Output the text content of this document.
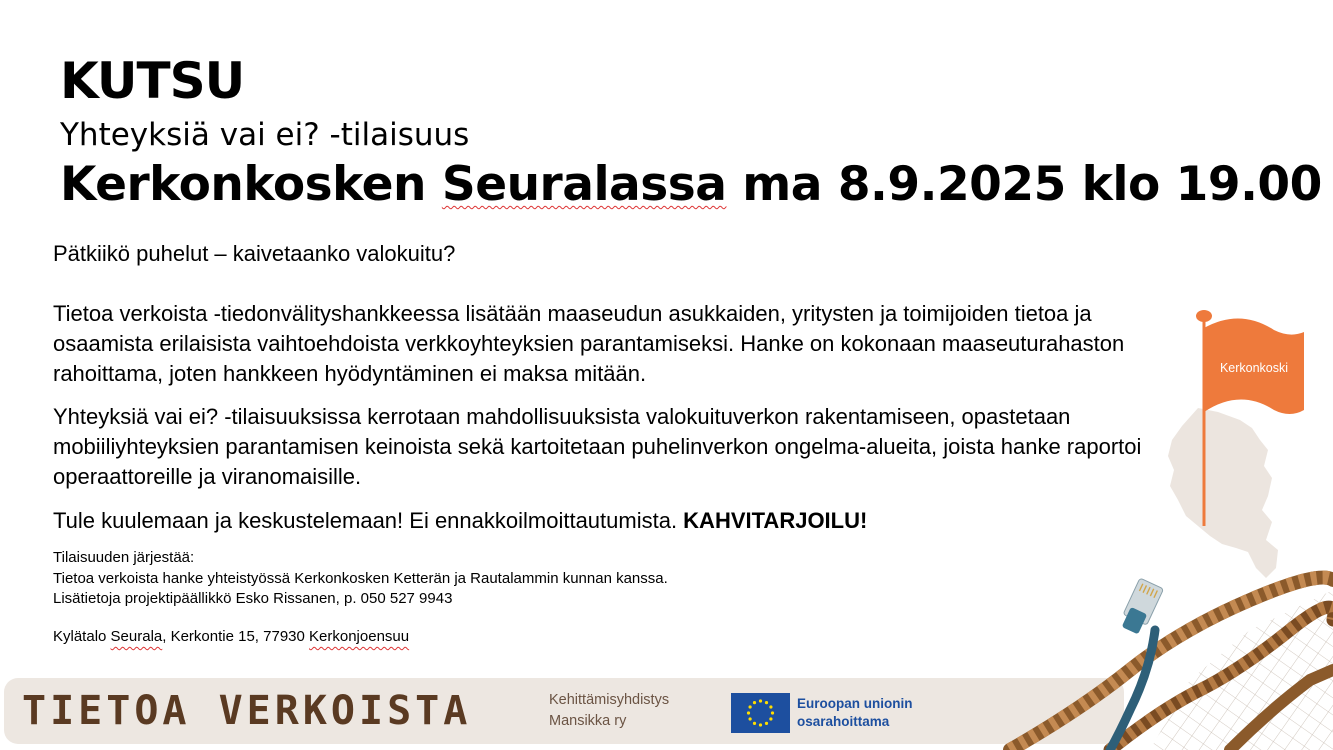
KUTSU
Yhteyksiä vai ei? -tilaisuus
Kerkonkosken Seuralassa ma 8.9.2025 klo 19.00
Pätkiikö puhelut – kaivetaanko valokuitu?
Tietoa verkoista -tiedonvälityshankkeessa lisätään maaseudun asukkaiden, yritysten ja toimijoiden tietoa ja osaamista erilaisista vaihtoehdoista verkkoyhteyksien parantamiseksi. Hanke on kokonaan maaseuturahaston rahoittama, joten hankkeen hyödyntäminen ei maksa mitään.
Yhteyksiä vai ei? -tilaisuuksissa kerrotaan mahdollisuuksista valokuituverkon rakentamiseen, opastetaan mobiiliyhteyksien parantamisen keinoista sekä kartoitetaan puhelinverkon ongelma-alueita, joista hanke raportoi operaattoreille ja viranomaisille.
Tule kuulemaan ja keskustelemaan! Ei ennakkoilmoittautumista. KAHVITARJOILU!
Tilaisuuden järjestää:
Tietoa verkoista hanke yhteistyössä Kerkonkosken Ketterän ja Rautalammin kunnan kanssa.
Lisätietoja projektipäällikkö Esko Rissanen, p. 050 527 9943
Kylätalo Seurala, Kerkontie 15, 77930 Kerkonjoensuu
Kerkonkoski
TIETOA VERKOISTA	Kehittämisyhdistys
Mansikka ry
Euroopan unionin
osarahoittama
